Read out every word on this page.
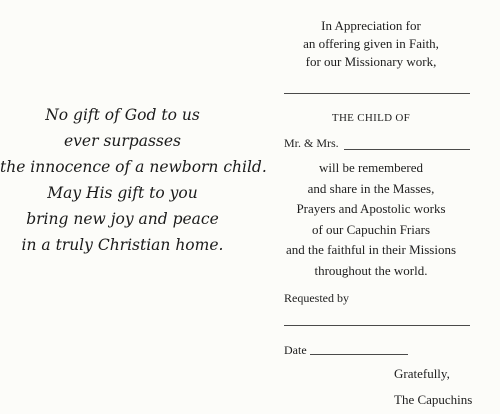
No gift of God to us
ever surpasses
the innocence of a newborn child.
May His gift to you
bring new joy and peace
in a truly Christian home.
In Appreciation for
an offering given in Faith,
for our Missionary work,
THE CHILD OF
Mr. & Mrs.
will be remembered
and share in the Masses,
Prayers and Apostolic works
of our Capuchin Friars
and the faithful in their Missions
throughout the world.
Requested by
Date
Gratefully,
The Capuchins
